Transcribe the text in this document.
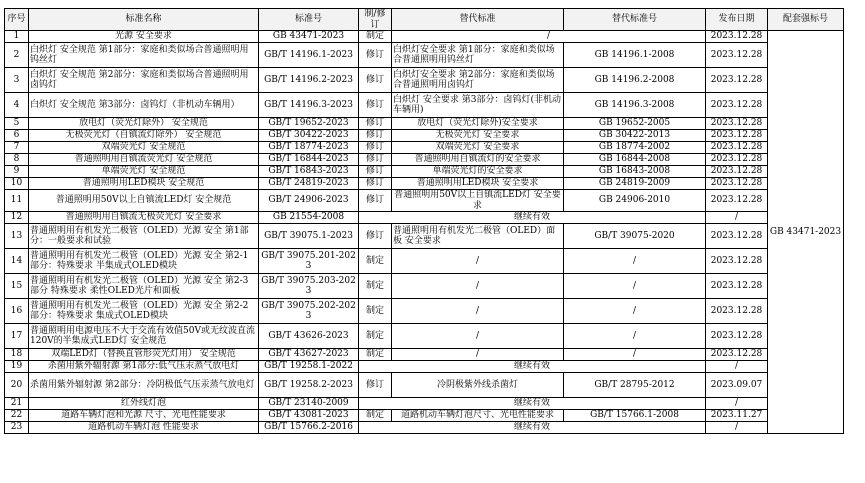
序号	标准名称	标准号	制/修订	替代标准	替代标准号	发布日期	配套强标号
1	光源 安全要求	GB 43471-2023	制定	/		2023.12.28	GB 43471-2023
2	白炽灯 安全规范 第1部分：家庭和类似场合普通照明用钨丝灯	GB/T 14196.1-2023	修订	白炽灯安全要求 第1部分：家庭和类似场合普通照明用钨丝灯	GB 14196.1-2008	2023.12.28	
3	白炽灯 安全规范 第2部分：家庭和类似场合普通照明用卤钨灯	GB/T 14196.2-2023	修订	白炽灯安全要求 第2部分：家庭和类似场合普通照明用卤钨灯	GB 14196.2-2008	2023.12.28	
4	白炽灯 安全规范 第3部分：卤钨灯（非机动车辆用）	GB/T 14196.3-2023	修订	白炽灯 安全要求 第3部分：卤钨灯(非机动车辆用)	GB 14196.3-2008	2023.12.28	
5	放电灯（荧光灯除外） 安全规范	GB/T 19652-2023	修订	放电灯（荧光灯除外)安全要求	GB 19652-2005	2023.12.28	
6	无极荧光灯（自镇流灯除外） 安全规范	GB/T 30422-2023	修订	无极荧光灯 安全要求	GB 30422-2013	2023.12.28	
7	双端荧光灯 安全规范	GB/T 18774-2023	修订	双端荧光灯 安全要求	GB 18774-2002	2023.12.28	
8	普通照明用自镇流荧光灯 安全规范	GB/T 16844-2023	修订	普通照明用自镇流灯的安全要求	GB 16844-2008	2023.12.28	
9	单端荧光灯 安全规范	GB/T 16843-2023	修订	单端荧光灯的安全要求	GB 16843-2008	2023.12.28	
10	普通照明用LED模块 安全规范	GB/T 24819-2023	修订	普通照明用LED模块 安全要求	GB 24819-2009	2023.12.28	
11	普通照明用50V以上自镇流LED灯 安全规范	GB/T 24906-2023	修订	普通照明用50V以上自镇流LED灯 安全要求	GB 24906-2010	2023.12.28	
12	普通照明用自镇流无极荧光灯 安全要求	GB 21554-2008	继续有效			/	
13	普通照明用有机发光二极管（OLED）光源 安全 第1部分：一般要求和试验	GB/T 39075.1-2023	修订	普通照明用有机发光二极管（OLED）面板 安全要求	GB/T 39075-2020	2023.12.28	
14	普通照明用有机发光二极管（OLED）光源 安全 第2-1部分：特殊要求 半集成式OLED模块	GB/T 39075.201-2023	制定	/	/	2023.12.28	
15	普通照明用有机发光二极管（OLED）光源 安全 第2-3部分 特殊要求 柔性OLED光片和面板	GB/T 39075.203-2023	制定	/	/	2023.12.28	
16	普通照明用有机发光二极管（OLED）光源 安全 第2-2部分：特殊要求 集成式OLED模块	GB/T 39075.202-2023	制定	/	/	2023.12.28	
17	普通照明用电源电压不大于交流有效值50V或无纹波直流120V的半集成式LED灯 安全规范	GB/T 43626-2023	制定	/	/	2023.12.28	
18	双端LED灯（替换直管形荧光灯用） 安全规范	GB/T 43627-2023	制定	/	/	2023.12.28	
19	杀菌用紫外辐射源 第1部分:低气压汞蒸气放电灯	GB/T 19258.1-2022	继续有效			/	
20	杀菌用紫外辐射源 第2部分：冷阴极低气压汞蒸气放电灯	GB/T 19258.2-2023	修订	冷阴极紫外线杀菌灯	GB/T 28795-2012	2023.09.07	
21	红外线灯泡	GB/T 23140-2009	继续有效			/	
22	道路车辆灯泡和光源 尺寸、光电性能要求	GB/T 43081-2023	制定	道路机动车辆灯泡尺寸、光电性能要求	GB/T 15766.1-2008	2023.11.27	
23	道路机动车辆灯泡 性能要求	GB/T 15766.2-2016	继续有效			/	
